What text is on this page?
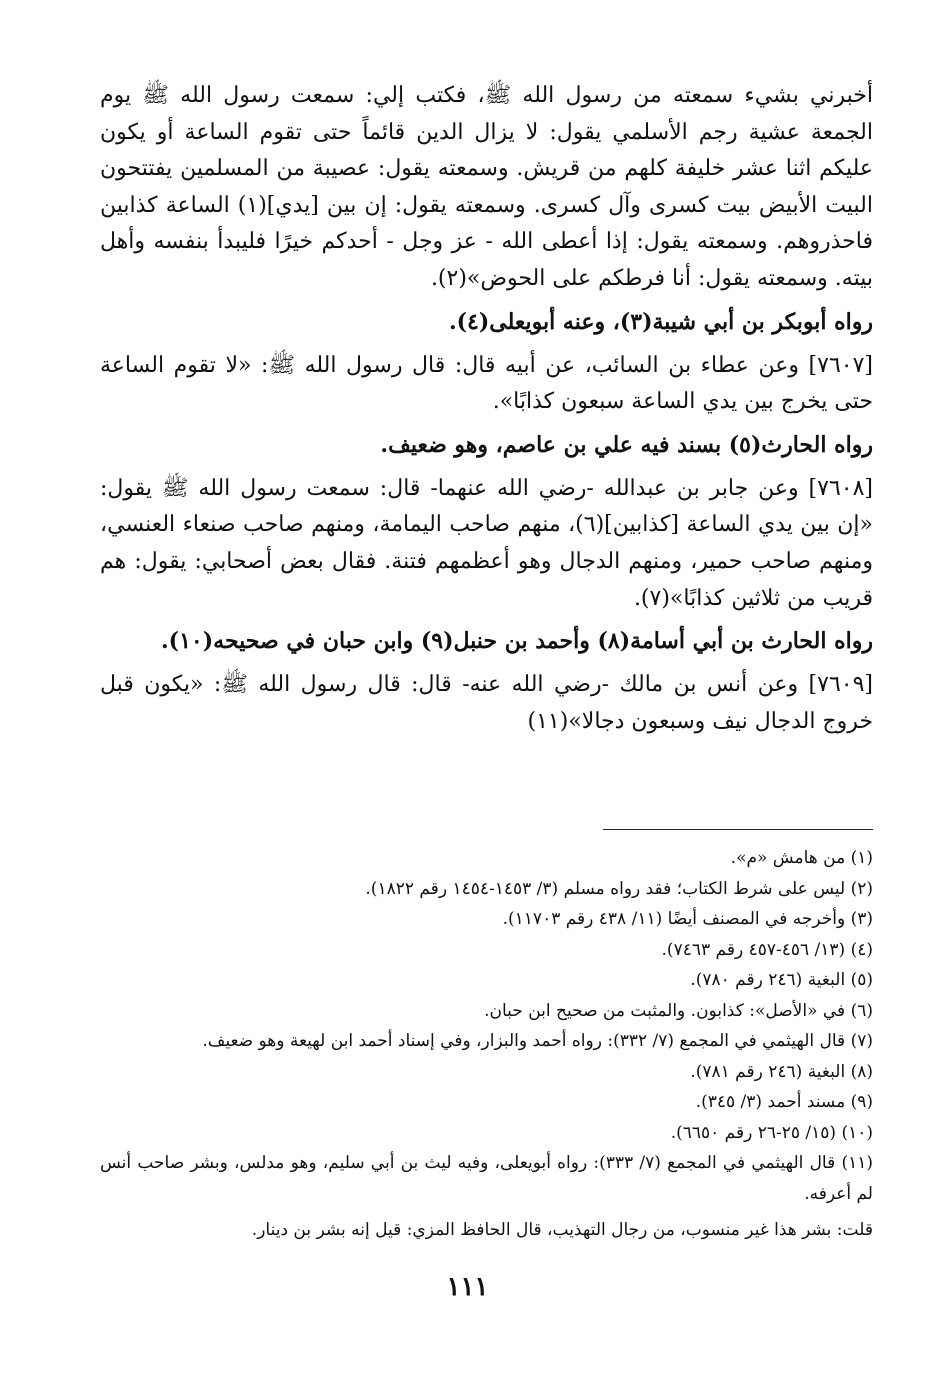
أخبرني بشيء سمعته من رسول الله ﷺ، فكتب إلي: سمعت رسول الله ﷺ يوم الجمعة عشية رجم الأسلمي يقول: لا يزال الدين قائماً حتى تقوم الساعة أو يكون عليكم اثنا عشر خليفة كلهم من قريش. وسمعته يقول: عصيبة من المسلمين يفتتحون البيت الأبيض بيت كسرى وآل كسرى. وسمعته يقول: إن بين [يدي](١) الساعة كذابين فاحذروهم. وسمعته يقول: إذا أعطى الله - عز وجل - أحدكم خيرًا فليبدأ بنفسه وأهل بيته. وسمعته يقول: أنا فرطكم على الحوض»(٢).

رواه أبوبكر بن أبي شيبة(٣)، وعنه أبويعلى(٤).

[٧٦٠٧] وعن عطاء بن السائب، عن أبيه قال: قال رسول الله ﷺ: «لا تقوم الساعة حتى يخرج بين يدي الساعة سبعون كذابًا».

رواه الحارث(٥) بسند فيه علي بن عاصم، وهو ضعيف.

[٧٦٠٨] وعن جابر بن عبدالله -رضي الله عنهما- قال: سمعت رسول الله ﷺ يقول: «إن بين يدي الساعة [كذابين](٦)، منهم صاحب اليمامة، ومنهم صاحب صنعاء العنسي، ومنهم صاحب حمير، ومنهم الدجال وهو أعظمهم فتنة. فقال بعض أصحابي: يقول: هم قريب من ثلاثين كذابًا»(٧).

رواه الحارث بن أبي أسامة(٨) وأحمد بن حنبل(٩) وابن حبان في صحيحه(١٠).

[٧٦٠٩] وعن أنس بن مالك -رضي الله عنه- قال: قال رسول الله ﷺ: «يكون قبل خروج الدجال نيف وسبعون دجالا»(١١)

(١) من هامش «م».

(٢) ليس على شرط الكتاب؛ فقد رواه مسلم (٣/ ١٤٥٣-١٤٥٤ رقم ١٨٢٢).

(٣) وأخرجه في المصنف أيضًا (١١/ ٤٣٨ رقم ١١٧٠٣).

(٤) (١٣/ ٤٥٦-٤٥٧ رقم ٧٤٦٣).

(٥) البغية (٢٤٦ رقم ٧٨٠).

(٦) في «الأصل»: كذابون. والمثبت من صحيح ابن حبان.

(٧) قال الهيثمي في المجمع (٧/ ٣٣٢): رواه أحمد والبزار، وفي إسناد أحمد ابن لهيعة وهو ضعيف.

(٨) البغية (٢٤٦ رقم ٧٨١).

(٩) مسند أحمد (٣/ ٣٤٥).

(١٠) (١٥/ ٢٥-٢٦ رقم ٦٦٥٠).

(١١) قال الهيثمي في المجمع (٧/ ٣٣٣): رواه أبويعلى، وفيه ليث بن أبي سليم، وهو مدلس، وبشر صاحب أنس لم أعرفه.

قلت: بشر هذا غير منسوب، من رجال التهذيب، قال الحافظ المزي: قيل إنه بشر بن دينار.

١١١
